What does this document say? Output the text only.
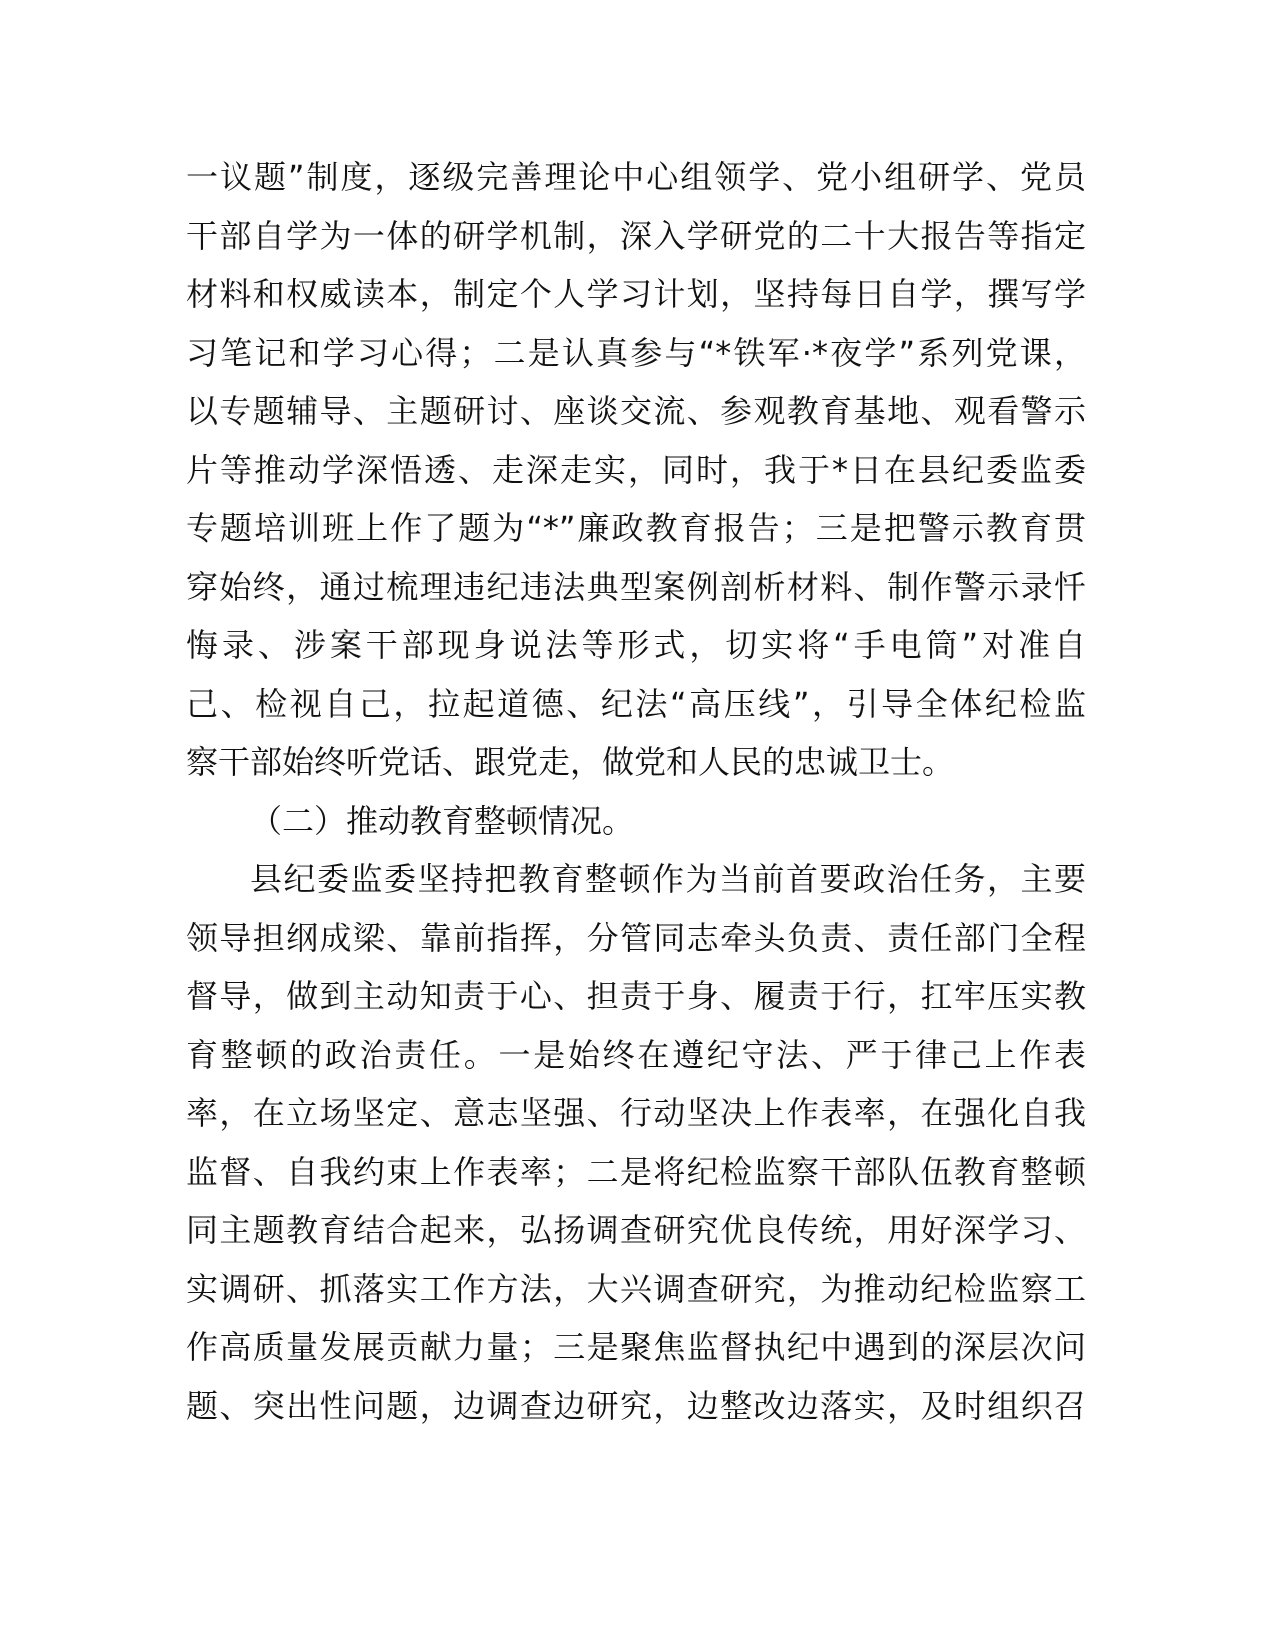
一议题”制度，逐级完善理论中心组领学、党小组研学、党员
干部自学为一体的研学机制，深入学研党的二十大报告等指定
材料和权威读本，制定个人学习计划，坚持每日自学，撰写学
习笔记和学习心得；二是认真参与“*铁军·*夜学”系列党课，
以专题辅导、主题研讨、座谈交流、参观教育基地、观看警示
片等推动学深悟透、走深走实，同时，我于*日在县纪委监委
专题培训班上作了题为“*”廉政教育报告；三是把警示教育贯
穿始终，通过梳理违纪违法典型案例剖析材料、制作警示录忏
悔录、涉案干部现身说法等形式，切实将“手电筒”对准自
己、检视自己，拉起道德、纪法“高压线”，引导全体纪检监
察干部始终听党话、跟党走，做党和人民的忠诚卫士。
（二）推动教育整顿情况。
县纪委监委坚持把教育整顿作为当前首要政治任务，主要
领导担纲成梁、靠前指挥，分管同志牵头负责、责任部门全程
督导，做到主动知责于心、担责于身、履责于行，扛牢压实教
育整顿的政治责任。一是始终在遵纪守法、严于律己上作表
率，在立场坚定、意志坚强、行动坚决上作表率，在强化自我
监督、自我约束上作表率；二是将纪检监察干部队伍教育整顿
同主题教育结合起来，弘扬调查研究优良传统，用好深学习、
实调研、抓落实工作方法，大兴调查研究，为推动纪检监察工
作高质量发展贡献力量；三是聚焦监督执纪中遇到的深层次问
题、突出性问题，边调查边研究，边整改边落实，及时组织召
